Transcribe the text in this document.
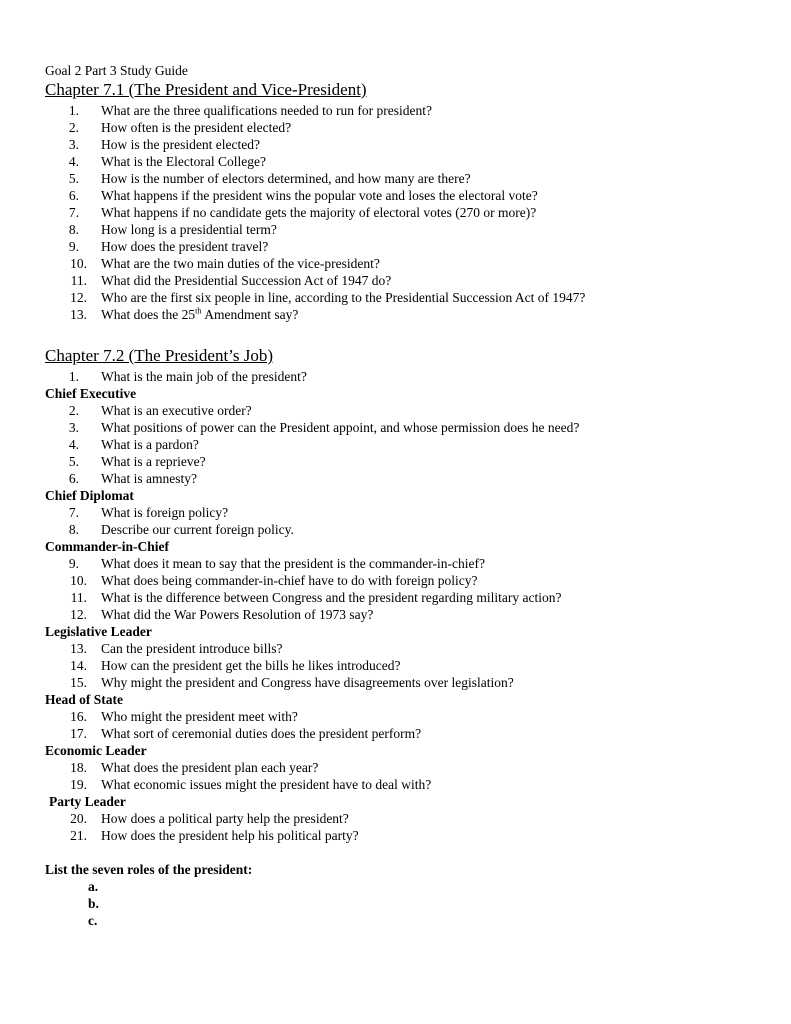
Goal 2 Part 3 Study Guide
Chapter 7.1 (The President and Vice-President)
1. What are the three qualifications needed to run for president?
2. How often is the president elected?
3. How is the president elected?
4. What is the Electoral College?
5. How is the number of electors determined, and how many are there?
6. What happens if the president wins the popular vote and loses the electoral vote?
7. What happens if no candidate gets the majority of electoral votes (270 or more)?
8. How long is a presidential term?
9. How does the president travel?
10. What are the two main duties of the vice-president?
11. What did the Presidential Succession Act of 1947 do?
12. Who are the first six people in line, according to the Presidential Succession Act of 1947?
13. What does the 25th Amendment say?
Chapter 7.2 (The President’s Job)
1. What is the main job of the president?
Chief Executive
2. What is an executive order?
3. What positions of power can the President appoint, and whose permission does he need?
4. What is a pardon?
5. What is a reprieve?
6. What is amnesty?
Chief Diplomat
7. What is foreign policy?
8. Describe our current foreign policy.
Commander-in-Chief
9. What does it mean to say that the president is the commander-in-chief?
10. What does being commander-in-chief have to do with foreign policy?
11. What is the difference between Congress and the president regarding military action?
12. What did the War Powers Resolution of 1973 say?
Legislative Leader
13. Can the president introduce bills?
14. How can the president get the bills he likes introduced?
15. Why might the president and Congress have disagreements over legislation?
Head of State
16. Who might the president meet with?
17. What sort of ceremonial duties does the president perform?
Economic Leader
18. What does the president plan each year?
19. What economic issues might the president have to deal with?
Party Leader
20. How does a political party help the president?
21. How does the president help his political party?
List the seven roles of the president:
a.
b.
c.
